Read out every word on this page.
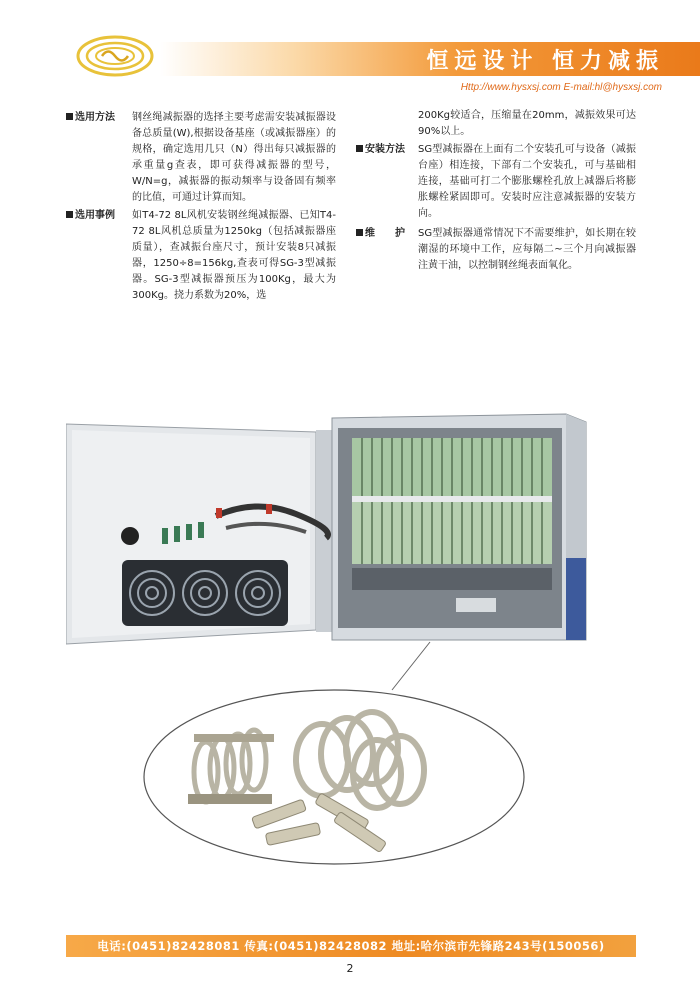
恒远设计 恒力减振
Http://www.hysxsj.com E-mail:hl@hysxsj.com
选用方法	钢丝绳减振器的选择主要考虑需安装减振器设备总质量(W),根据设备基座（或减振器座）的规格，确定选用几只（N）得出每只减振器的承重量g查表，即可获得减振器的型号，W/N=g，减振器的振动频率与设备固有频率的比值，可通过计算而知。
选用事例	如T4-72 8L风机安装钢丝绳减振器、已知T4-72 8L风机总质量为1250kg（包括减振器座质量），查减振台座尺寸，预计安装8只减振器，1250÷8=156kg,查表可得SG-3型减振器。SG-3型减振器预压为100Kg，最大为300Kg。挠力系数为20%，选
200Kg较适合，压缩量在20mm，减振效果可达90%以上。
安装方法	SG型减振器在上面有二个安装孔可与设备（减振台座）相连接，下部有二个安装孔，可与基础相连接，基础可打二个膨胀螺栓孔放上减器后将膨胀螺栓紧固即可。安装时应注意减振器的安装方向。
维　　护	SG型减振器通常情况下不需要维护，如长期在较潮湿的环境中工作，应每隔二~三个月向减振器注黄干油，以控制钢丝绳表面氧化。
电话:(0451)82428081 传真:(0451)82428082 地址:哈尔滨市先锋路243号(150056)
2
